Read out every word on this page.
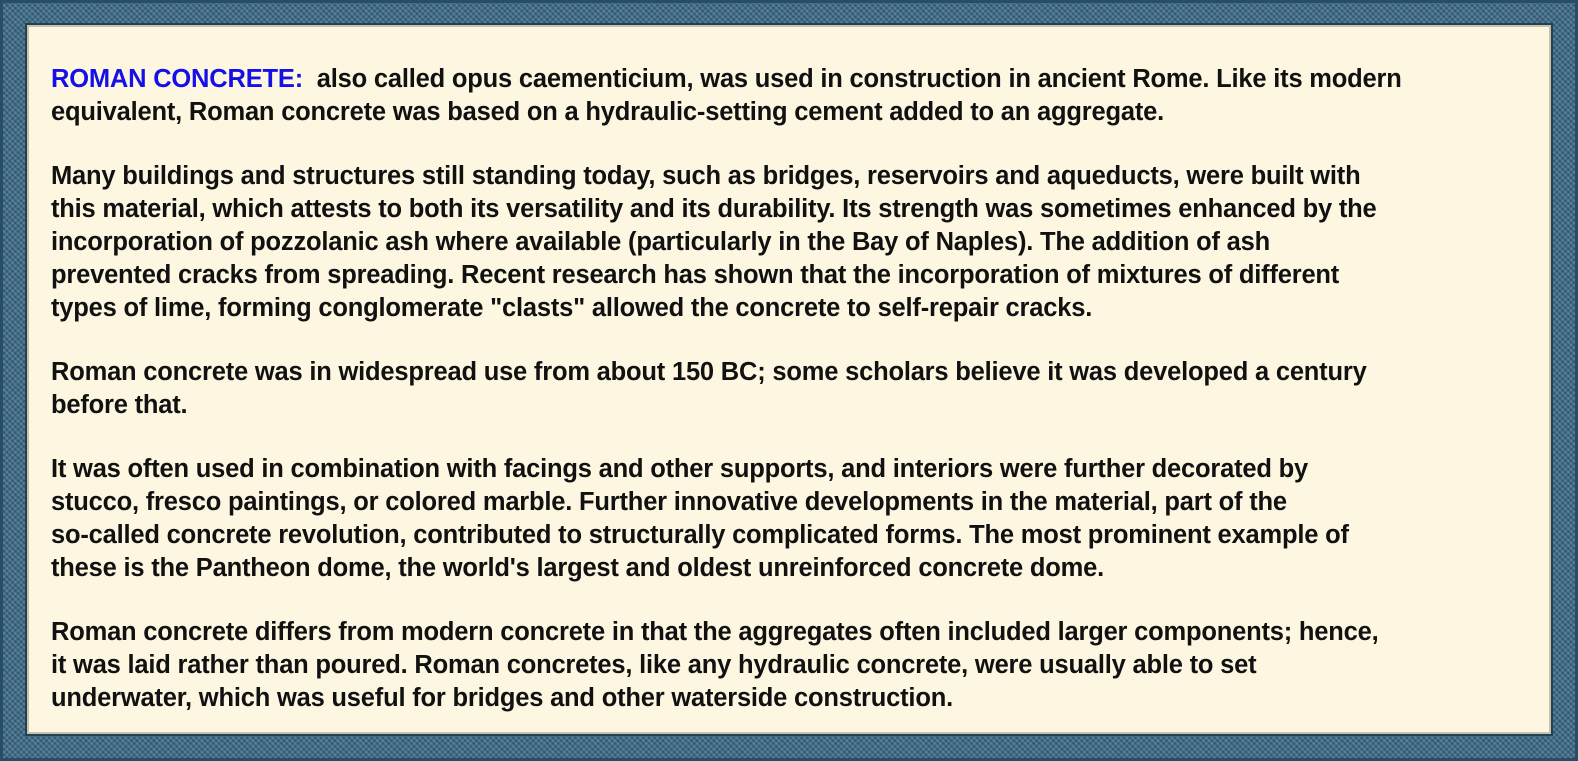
ROMAN CONCRETE: also called opus caementicium, was used in construction in ancient Rome. Like its modern
equivalent, Roman concrete was based on a hydraulic-setting cement added to an aggregate.

Many buildings and structures still standing today, such as bridges, reservoirs and aqueducts, were built with
this material, which attests to both its versatility and its durability. Its strength was sometimes enhanced by the
incorporation of pozzolanic ash where available (particularly in the Bay of Naples). The addition of ash
prevented cracks from spreading. Recent research has shown that the incorporation of mixtures of different
types of lime, forming conglomerate "clasts" allowed the concrete to self-repair cracks.

Roman concrete was in widespread use from about 150 BC; some scholars believe it was developed a century
before that.

It was often used in combination with facings and other supports, and interiors were further decorated by
stucco, fresco paintings, or colored marble. Further innovative developments in the material, part of the
so-called concrete revolution, contributed to structurally complicated forms. The most prominent example of
these is the Pantheon dome, the world's largest and oldest unreinforced concrete dome.

Roman concrete differs from modern concrete in that the aggregates often included larger components; hence,
it was laid rather than poured. Roman concretes, like any hydraulic concrete, were usually able to set
underwater, which was useful for bridges and other waterside construction.
